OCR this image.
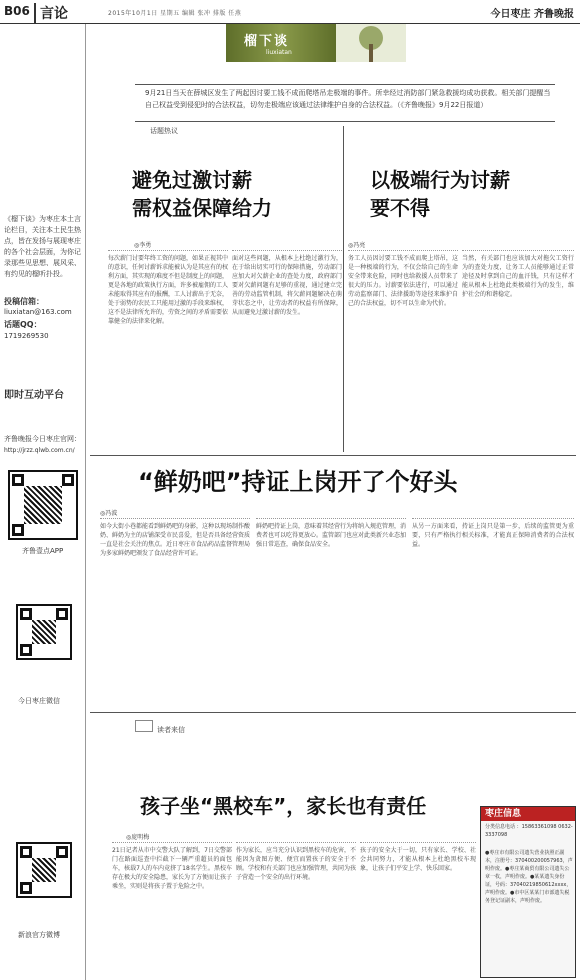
B06 言论	2015年10月1日 星期五 编辑 张冲 排版 任燕	今日枣庄 齐鲁晚报
榴下谈
liuxiatan
9月21日当天在薛城区发生了两起因讨要工钱不成而爬塔吊走极端的事件。所幸经过消防部门紧急救援均成功获救。相关部门提醒当自己权益受到侵犯时的合法权益，切勿走极端应该通过法律维护自身的合法权益。（《齐鲁晚报》9月22日报道）
《榴下谈》为枣庄本土言论栏目，关注本土民生热点，皆在发扬与展现枣庄的各个社会层面，为你记录那些见思想、展风采、有约见的榴听扑投。
投稿信箱：
liuxiatan@163.com
话题QQ：
1719269530
即时互动平台
齐鲁晚报今日枣庄官网：
http://jrzz.qlwb.com.cn/
齐鲁壹点APP
今日枣庄微信
新浪官方微博
话题热议
避免过激讨薪
需权益保障给力
◎李勇
每次薪门讨要年终工资的问题，如果正视其中的意识，任何讨薪诉求能被认为是其应有的权利方面，其实现的难度不但是制度上的问题，更是各地的政策执行方面，许多被雇佣的工人未能取得其应有的报酬，工人讨薪出于无奈，处于弱势的农民工只能用过激的手段来维权，这不是法律所允许的，劳资之间的矛盾需要依靠健全的法律来化解。
面对这些问题，从根本上杜绝过激行为，在于给出切实可行的保障措施，劳动部门应加大对欠薪企业的查处力度，政府部门要对欠薪问题有足够的重视，通过建立完善的劳动监管机制，将欠薪问题解决在萌芽状态之中，让劳动者的权益有所保障，从而避免过激讨薪的发生。
以极端行为讨薪
要不得
◎冯亮
务工人员因讨要工钱不成而爬上塔吊，这是一种极端的行为，不仅会给自己的生命安全带来危险，同时也给救援人员带来了很大的压力。讨薪要依法进行，可以通过劳动监察部门、法律援助等途径来维护自己的合法权益，切不可以生命为代价。
当然，有关部门也应该加大对拖欠工资行为的查处力度，让务工人员能够通过正常途径及时拿到自己的血汗钱，只有这样才能从根本上杜绝此类极端行为的发生，维护社会的和谐稳定。
“鲜奶吧”持证上岗开了个好头
◎冯波
如今大街小巷都能看到鲜奶吧的身影，这种以现场制作酸奶、鲜奶为主的店铺深受市民喜爱，但是否具备经营资质一直是社会关注的焦点。近日枣庄市食品药品监督管理局为多家鲜奶吧颁发了食品经营许可证。
鲜奶吧持证上岗，意味着其经营行为将纳入规范管理，消费者也可以吃得更放心。监管部门也应对此类新兴业态加强日常巡查，确保食品安全。
从另一方面来看，持证上岗只是第一步，后续的监管更为重要，只有严格执行相关标准，才能真正保障消费者的合法权益。
读者来信
孩子坐“黑校车”，家长也有责任
◎庞明梅
21日记者从市中交警大队了解到，7日交警部门在路面巡查中拦截下一辆严重超员的面包车，核载7人的车内竟挤了18名学生。黑校车存在极大的安全隐患，家长为了方便而让孩子乘坐，实则是将孩子置于危险之中。
作为家长，应当充分认识到黑校车的危害，不能因为贪图方便、便宜而置孩子的安全于不顾。学校和有关部门也应加强管理，共同为孩子营造一个安全的出行环境。
孩子的安全大于一切，只有家长、学校、社会共同努力，才能从根本上杜绝黑校车现象，让孩子们平安上学、快乐回家。
枣庄信息
分类信息电话 ：15863361098 0632-3337098
●枣庄市有限公司遗失营业执照正副本，注册号：370400200057963，声明作废。●枣庄某商贸有限公司遗失公章一枚，声明作废。●某某遗失身份证，号码：37040219850612xxxx，声明作废。●市中区某某门市部遗失税务登记证副本，声明作废。
